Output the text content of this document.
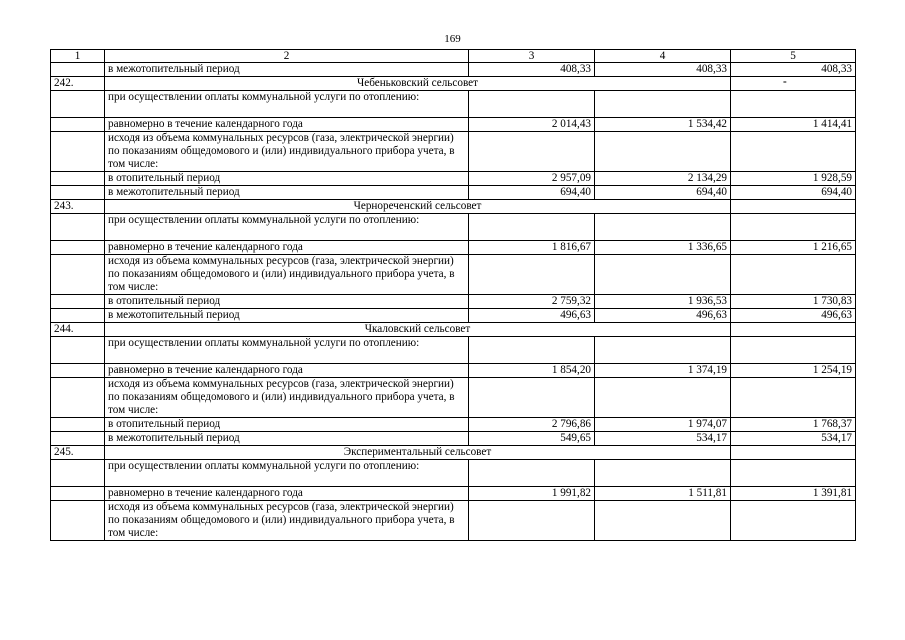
169
1	2	3	4	5
	в межотопительный период	408,33	408,33	408,33
242.	Чебеньковский сельсовет			-

	при осуществлении оплаты коммунальной услуги по отоплению:			
	равномерно в течение календарного года	2 014,43	1 534,42	1 414,41
	исходя из объема коммунальных ресурсов (газа, электрической энергии) по показаниям общедомового и (или) индивидуального прибора учета, в том числе:			
	в отопительный период	2 957,09	2 134,29	1 928,59
	в межотопительный период	694,40	694,40	694,40
243.	Чернореченский сельсовет			
	при осуществлении оплаты коммунальной услуги по отоплению:			
	равномерно в течение календарного года	1 816,67	1 336,65	1 216,65
	исходя из объема коммунальных ресурсов (газа, электрической энергии) по показаниям общедомового и (или) индивидуального прибора учета, в том числе:			
	в отопительный период	2 759,32	1 936,53	1 730,83
	в межотопительный период	496,63	496,63	496,63
244.	Чкаловский сельсовет			
	при осуществлении оплаты коммунальной услуги по отоплению:			
	равномерно в течение календарного года	1 854,20	1 374,19	1 254,19
	исходя из объема коммунальных ресурсов (газа, электрической энергии) по показаниям общедомового и (или) индивидуального прибора учета, в том числе:			
	в отопительный период	2 796,86	1 974,07	1 768,37
	в межотопительный период	549,65	534,17	534,17
245.	Экспериментальный сельсовет			
	при осуществлении оплаты коммунальной услуги по отоплению:			
	равномерно в течение календарного года	1 991,82	1 511,81	1 391,81
	исходя из объема коммунальных ресурсов (газа, электрической энергии) по показаниям общедомового и (или) индивидуального прибора учета, в том числе:			
